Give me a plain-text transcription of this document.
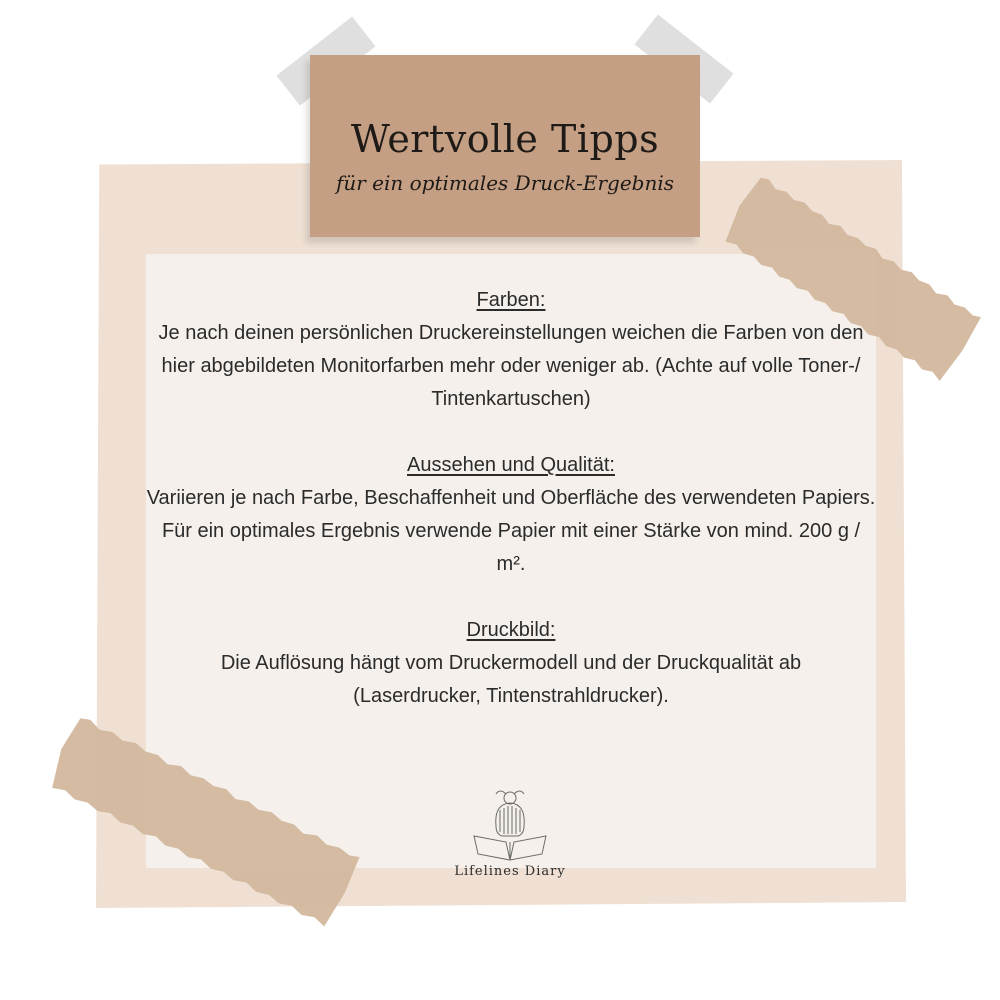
Wertvolle Tipps
für ein optimales Druck-Ergebnis
Farben:
Je nach deinen persönlichen Druckereinstellungen weichen die Farben von den hier abgebildeten Monitorfarben mehr oder weniger ab. (Achte auf volle Toner-/ Tintenkartuschen)
Aussehen und Qualität:
Variieren je nach Farbe, Beschaffenheit und Oberfläche des verwendeten Papiers. Für ein optimales Ergebnis verwende Papier mit einer Stärke von mind. 200 g / m².
Druckbild:
Die Auflösung hängt vom Druckermodell und der Druckqualität ab (Laserdrucker, Tintenstrahldrucker).
Lifelines Diary
